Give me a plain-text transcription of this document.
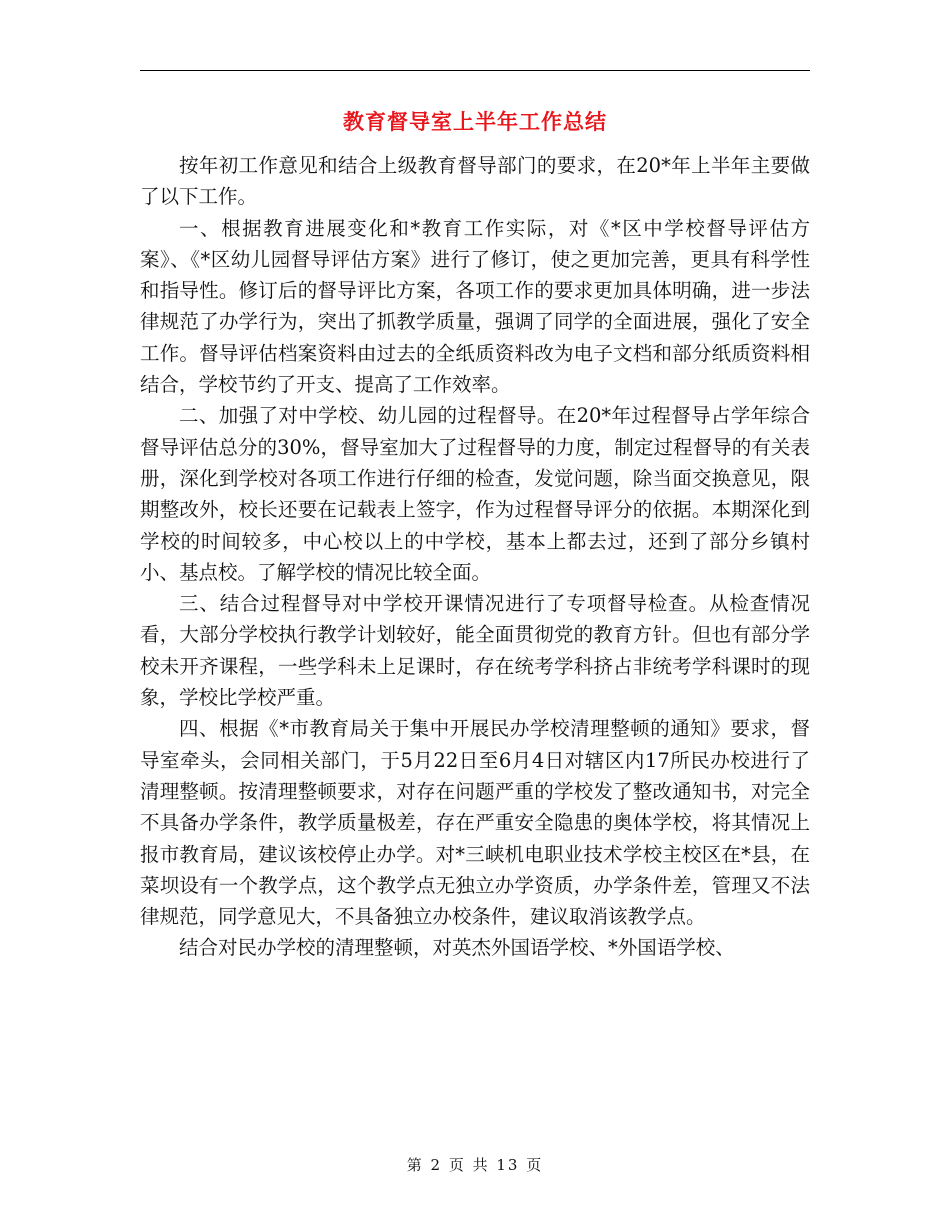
教育督导室上半年工作总结

按年初工作意见和结合上级教育督导部门的要求，在20*年上半年主要做了以下工作。

一、根据教育进展变化和*教育工作实际，对《*区中学校督导评估方案》、《*区幼儿园督导评估方案》进行了修订，使之更加完善，更具有科学性和指导性。修订后的督导评比方案，各项工作的要求更加具体明确，进一步法律规范了办学行为，突出了抓教学质量，强调了同学的全面进展，强化了安全工作。督导评估档案资料由过去的全纸质资料改为电子文档和部分纸质资料相结合，学校节约了开支、提高了工作效率。

二、加强了对中学校、幼儿园的过程督导。在20*年过程督导占学年综合督导评估总分的30%，督导室加大了过程督导的力度，制定过程督导的有关表册，深化到学校对各项工作进行仔细的检查，发觉问题，除当面交换意见，限期整改外，校长还要在记载表上签字，作为过程督导评分的依据。本期深化到学校的时间较多，中心校以上的中学校，基本上都去过，还到了部分乡镇村小、基点校。了解学校的情况比较全面。

三、结合过程督导对中学校开课情况进行了专项督导检查。从检查情况看，大部分学校执行教学计划较好，能全面贯彻党的教育方针。但也有部分学校未开齐课程，一些学科未上足课时，存在统考学科挤占非统考学科课时的现象，学校比学校严重。

四、根据《*市教育局关于集中开展民办学校清理整顿的通知》要求，督导室牵头，会同相关部门，于5月22日至6月4日对辖区内17所民办校进行了清理整顿。按清理整顿要求，对存在问题严重的学校发了整改通知书，对完全不具备办学条件，教学质量极差，存在严重安全隐患的奥体学校，将其情况上报市教育局，建议该校停止办学。对*三峡机电职业技术学校主校区在*县，在菜坝设有一个教学点，这个教学点无独立办学资质，办学条件差，管理又不法律规范，同学意见大，不具备独立办校条件，建议取消该教学点。

结合对民办学校的清理整顿，对英杰外国语学校、*外国语学校、

第 2 页 共 13 页
